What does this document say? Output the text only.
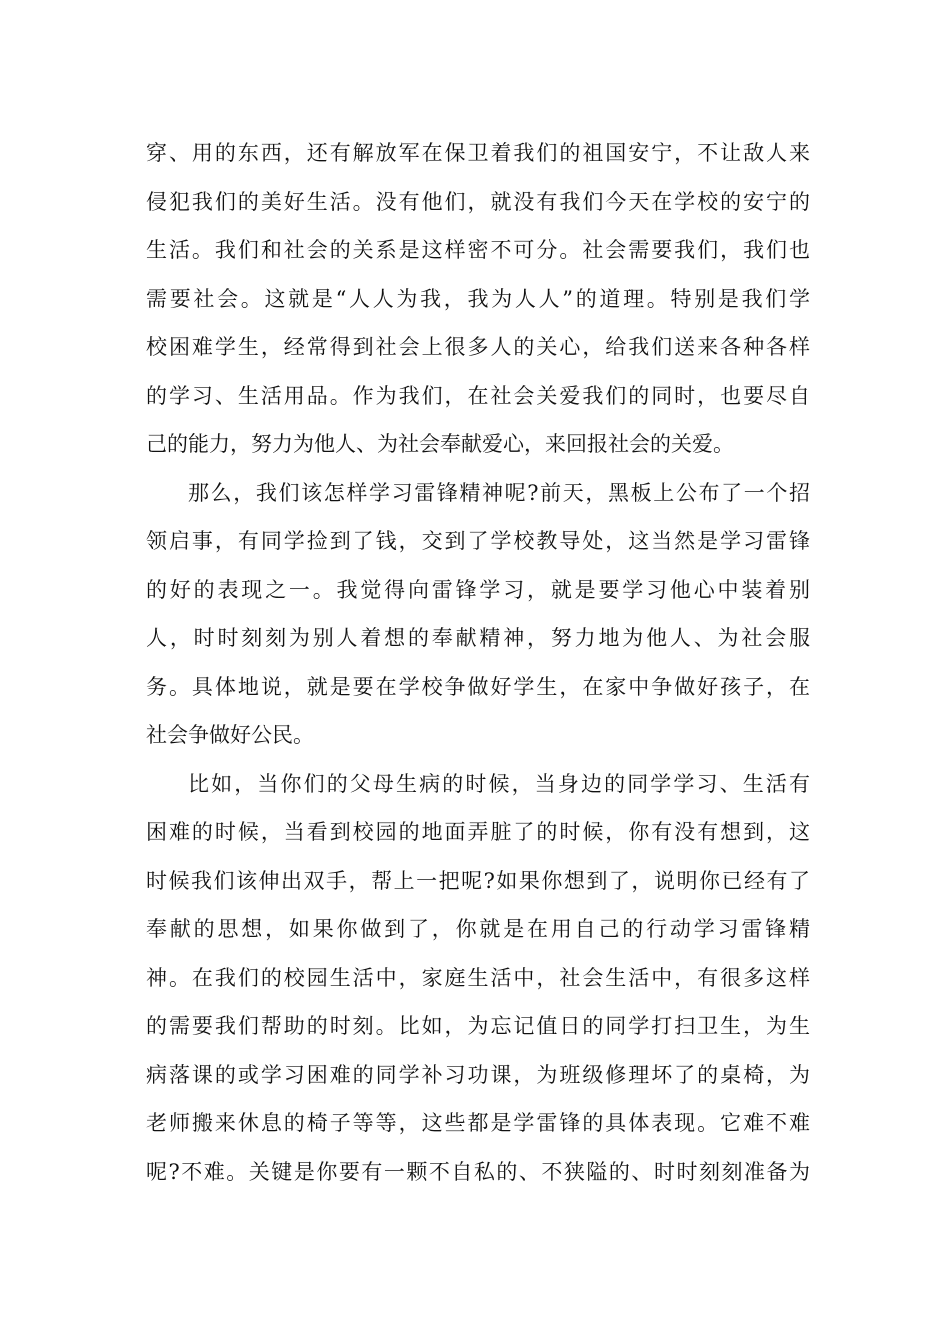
穿、用的东西，还有解放军在保卫着我们的祖国安宁，不让敌人来
侵犯我们的美好生活。没有他们，就没有我们今天在学校的安宁的
生活。我们和社会的关系是这样密不可分。社会需要我们，我们也
需要社会。这就是“人人为我，我为人人”的道理。特别是我们学
校困难学生，经常得到社会上很多人的关心，给我们送来各种各样
的学习、生活用品。作为我们，在社会关爱我们的同时，也要尽自
己的能力，努力为他人、为社会奉献爱心，来回报社会的关爱。
那么，我们该怎样学习雷锋精神呢?前天，黑板上公布了一个招
领启事，有同学捡到了钱，交到了学校教导处，这当然是学习雷锋
的好的表现之一。我觉得向雷锋学习，就是要学习他心中装着别
人，时时刻刻为别人着想的奉献精神，努力地为他人、为社会服
务。具体地说，就是要在学校争做好学生，在家中争做好孩子，在
社会争做好公民。
比如，当你们的父母生病的时候，当身边的同学学习、生活有
困难的时候，当看到校园的地面弄脏了的时候，你有没有想到，这
时候我们该伸出双手，帮上一把呢?如果你想到了，说明你已经有了
奉献的思想，如果你做到了，你就是在用自己的行动学习雷锋精
神。在我们的校园生活中，家庭生活中，社会生活中，有很多这样
的需要我们帮助的时刻。比如，为忘记值日的同学打扫卫生，为生
病落课的或学习困难的同学补习功课，为班级修理坏了的桌椅，为
老师搬来休息的椅子等等，这些都是学雷锋的具体表现。它难不难
呢?不难。关键是你要有一颗不自私的、不狭隘的、时时刻刻准备为
